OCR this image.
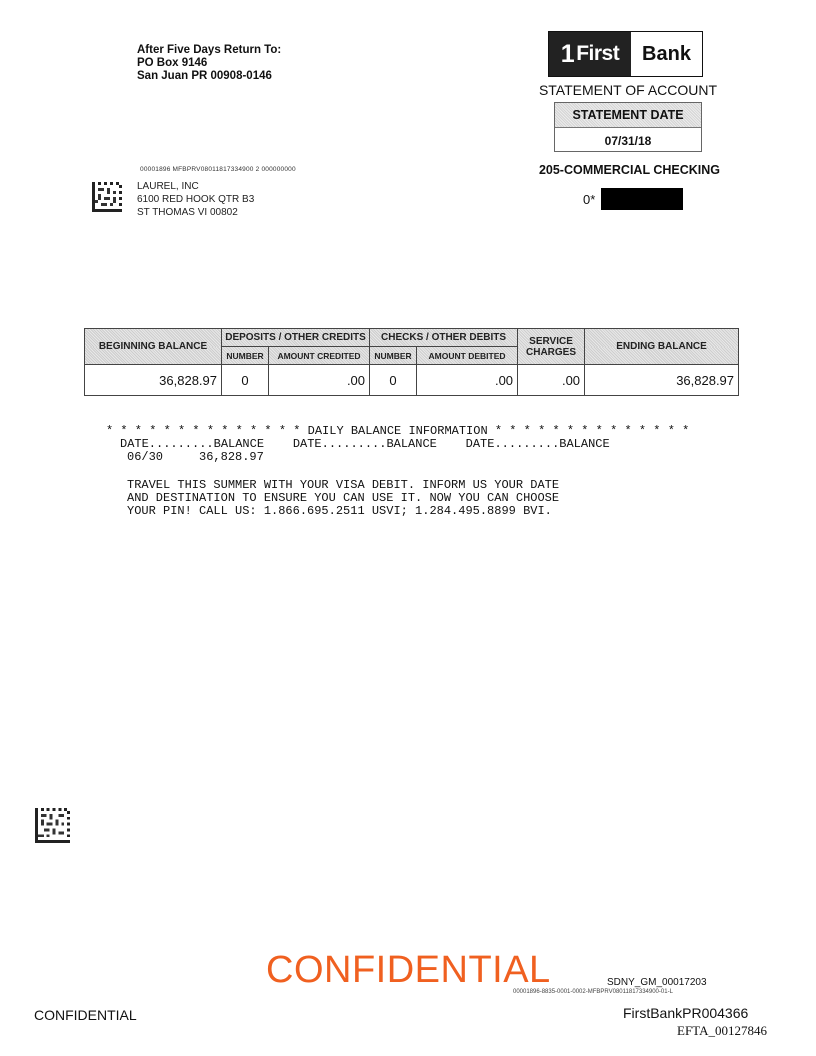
After Five Days Return To:
PO Box 9146
San Juan PR 00908-0146
1 First	Bank
STATEMENT OF ACCOUNT
STATEMENT DATE
07/31/18
205-COMMERCIAL CHECKING
0*
00001896 MFBPRV08011817334900 2 000000000
LAUREL, INC
6100 RED HOOK QTR B3
ST THOMAS VI 00802
BEGINNING BALANCE	DEPOSITS / OTHER CREDITS		CHECKS / OTHER DEBITS		SERVICE CHARGES	ENDING BALANCE
	NUMBER	AMOUNT CREDITED	NUMBER	AMOUNT DEBITED		
36,828.97	0	.00	0	.00	.00	36,828.97
* * * * * * * * * * * * * * DAILY BALANCE INFORMATION * * * * * * * * * * * * * *
DATE.........BALANCE    DATE.........BALANCE    DATE.........BALANCE
06/30     36,828.97
TRAVEL THIS SUMMER WITH YOUR VISA DEBIT. INFORM US YOUR DATE
AND DESTINATION TO ENSURE YOU CAN USE IT. NOW YOU CAN CHOOSE
YOUR PIN! CALL US: 1.866.695.2511 USVI; 1.284.495.8899 BVI.
CONFIDENTIAL	SDNY_GM_00017203
00001896-8835-0001-0002-MFBPRV08011817334900-01-L
CONFIDENTIAL	FirstBankPR004366
EFTA_00127846
